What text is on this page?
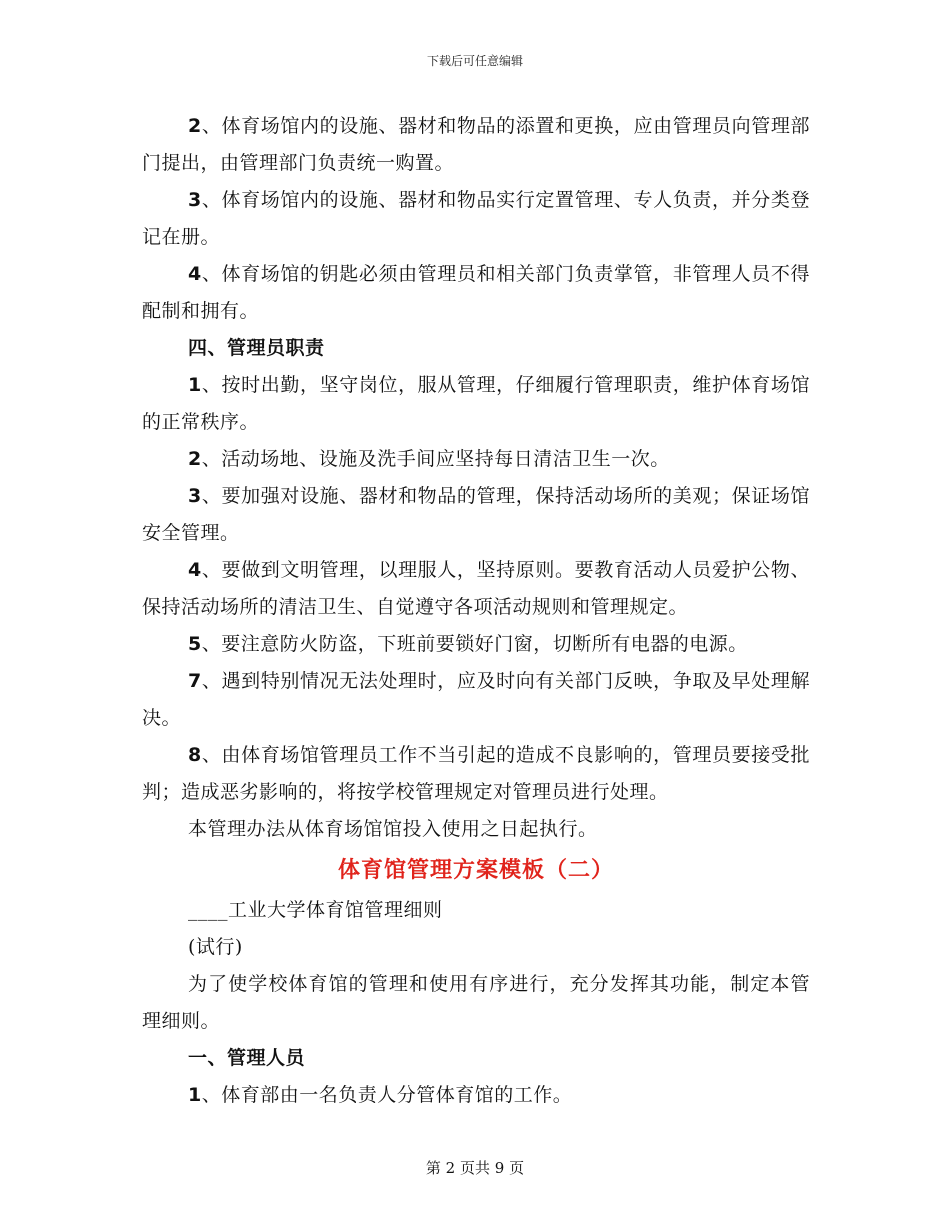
下载后可任意编辑

2、体育场馆内的设施、器材和物品的添置和更换，应由管理员向管理部门提出，由管理部门负责统一购置。

3、体育场馆内的设施、器材和物品实行定置管理、专人负责，并分类登记在册。

4、体育场馆的钥匙必须由管理员和相关部门负责掌管，非管理人员不得配制和拥有。

四、管理员职责

1、按时出勤，坚守岗位，服从管理，仔细履行管理职责，维护体育场馆的正常秩序。

2、活动场地、设施及洗手间应坚持每日清洁卫生一次。

3、要加强对设施、器材和物品的管理，保持活动场所的美观；保证场馆安全管理。

4、要做到文明管理，以理服人，坚持原则。要教育活动人员爱护公物、保持活动场所的清洁卫生、自觉遵守各项活动规则和管理规定。

5、要注意防火防盗，下班前要锁好门窗，切断所有电器的电源。

7、遇到特别情况无法处理时，应及时向有关部门反映，争取及早处理解决。

8、由体育场馆管理员工作不当引起的造成不良影响的，管理员要接受批判；造成恶劣影响的，将按学校管理规定对管理员进行处理。

本管理办法从体育场馆馆投入使用之日起执行。

体育馆管理方案模板（二）

____工业大学体育馆管理细则

(试行)

为了使学校体育馆的管理和使用有序进行，充分发挥其功能，制定本管理细则。

一、管理人员

1、体育部由一名负责人分管体育馆的工作。

第 2 页共 9 页
